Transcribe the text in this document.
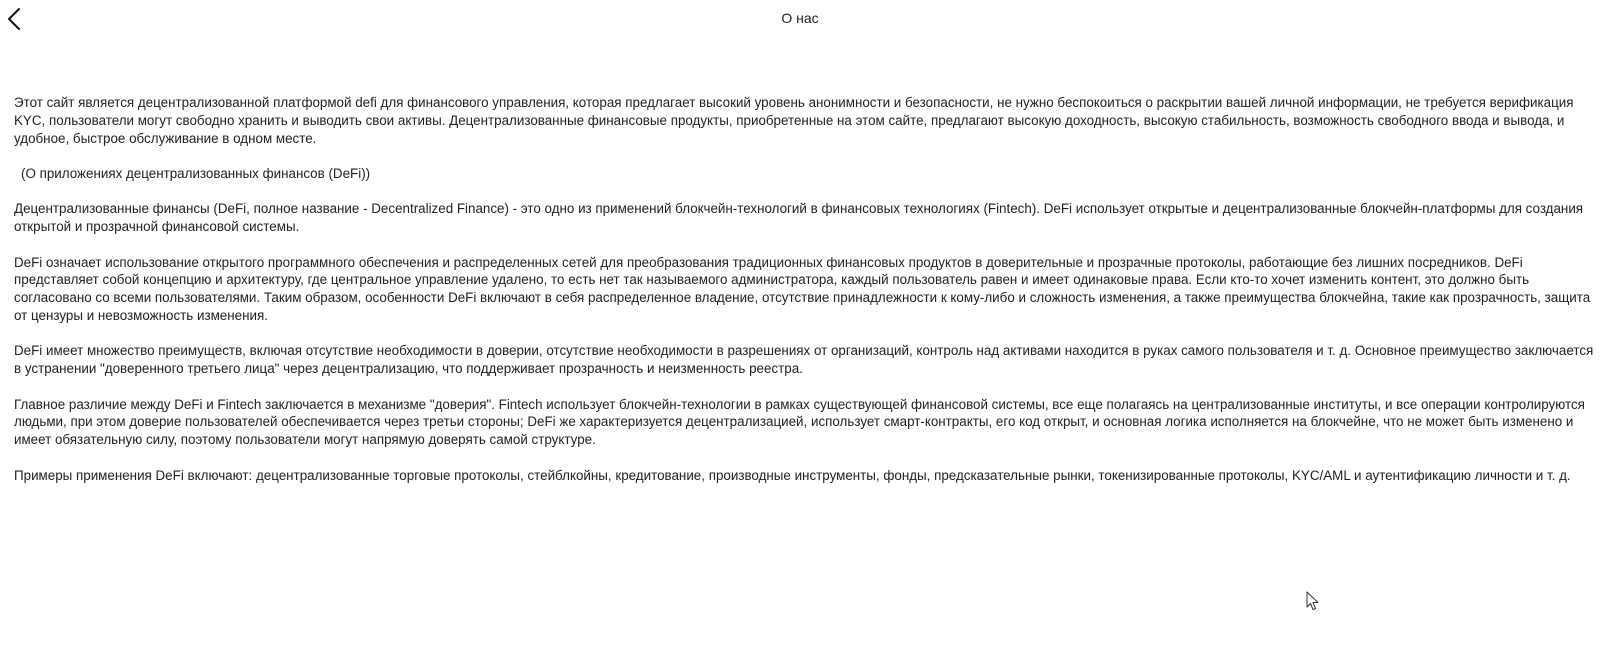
О нас

Этот сайт является децентрализованной платформой defi для финансового управления, которая предлагает высокий уровень анонимности и безопасности, не нужно беспокоиться о раскрытии вашей личной информации, не требуется верификация KYC, пользователи могут свободно хранить и выводить свои активы. Децентрализованные финансовые продукты, приобретенные на этом сайте, предлагают высокую доходность, высокую стабильность, возможность свободного ввода и вывода, и удобное, быстрое обслуживание в одном месте.

(О приложениях децентрализованных финансов (DeFi))

Децентрализованные финансы (DeFi, полное название - Decentralized Finance) - это одно из применений блокчейн-технологий в финансовых технологиях (Fintech). DeFi использует открытые и децентрализованные блокчейн-платформы для создания открытой и прозрачной финансовой системы.

DeFi означает использование открытого программного обеспечения и распределенных сетей для преобразования традиционных финансовых продуктов в доверительные и прозрачные протоколы, работающие без лишних посредников. DeFi представляет собой концепцию и архитектуру, где центральное управление удалено, то есть нет так называемого администратора, каждый пользователь равен и имеет одинаковые права. Если кто-то хочет изменить контент, это должно быть согласовано со всеми пользователями. Таким образом, особенности DeFi включают в себя распределенное владение, отсутствие принадлежности к кому-либо и сложность изменения, а также преимущества блокчейна, такие как прозрачность, защита от цензуры и невозможность изменения.

DeFi имеет множество преимуществ, включая отсутствие необходимости в доверии, отсутствие необходимости в разрешениях от организаций, контроль над активами находится в руках самого пользователя и т. д. Основное преимущество заключается в устранении "доверенного третьего лица" через децентрализацию, что поддерживает прозрачность и неизменность реестра.

Главное различие между DeFi и Fintech заключается в механизме "доверия". Fintech использует блокчейн-технологии в рамках существующей финансовой системы, все еще полагаясь на централизованные институты, и все операции контролируются людьми, при этом доверие пользователей обеспечивается через третьи стороны; DeFi же характеризуется децентрализацией, использует смарт-контракты, его код открыт, и основная логика исполняется на блокчейне, что не может быть изменено и имеет обязательную силу, поэтому пользователи могут напрямую доверять самой структуре.

Примеры применения DeFi включают: децентрализованные торговые протоколы, стейблкойны, кредитование, производные инструменты, фонды, предсказательные рынки, токенизированные протоколы, KYC/AML и аутентификацию личности и т. д.
